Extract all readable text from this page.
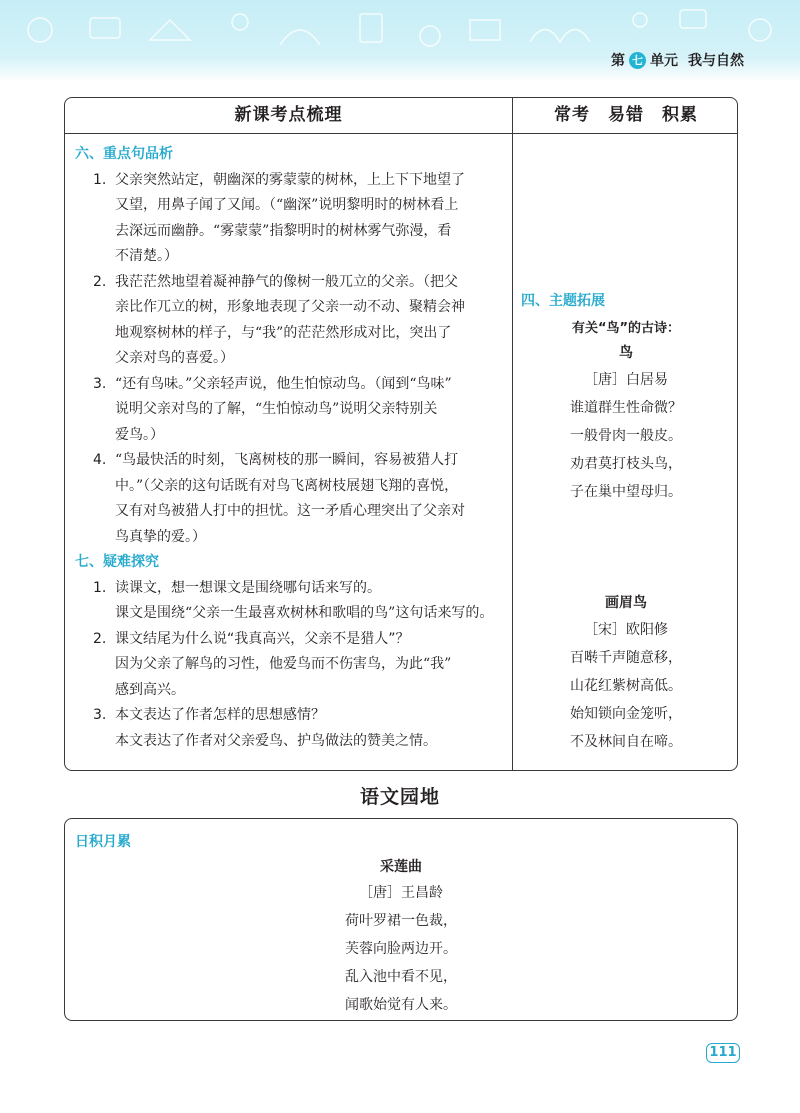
第 七 单元 我与自然
新课考点梳理	常考　易错　积累
六、重点句品析
1. 父亲突然站定，朝幽深的雾蒙蒙的树林，上上下下地望了
又望，用鼻子闻了又闻。（“幽深”说明黎明时的树林看上
去深远而幽静。“雾蒙蒙”指黎明时的树林雾气弥漫，看
不清楚。）
2. 我茫茫然地望着凝神静气的像树一般兀立的父亲。（把父
亲比作兀立的树，形象地表现了父亲一动不动、聚精会神
地观察树林的样子，与“我”的茫茫然形成对比，突出了
父亲对鸟的喜爱。）
3. “还有鸟味。”父亲轻声说，他生怕惊动鸟。（闻到“鸟味”
说明父亲对鸟的了解，“生怕惊动鸟”说明父亲特别关
爱鸟。）
4. “鸟最快活的时刻，飞离树枝的那一瞬间，容易被猎人打
中。”（父亲的这句话既有对鸟飞离树枝展翅飞翔的喜悦，
又有对鸟被猎人打中的担忧。这一矛盾心理突出了父亲对
鸟真挚的爱。）
七、疑难探究
1. 读课文，想一想课文是围绕哪句话来写的。
课文是围绕“父亲一生最喜欢树林和歌唱的鸟”这句话来写的。
2. 课文结尾为什么说“我真高兴，父亲不是猎人”？
因为父亲了解鸟的习性，他爱鸟而不伤害鸟，为此“我”
感到高兴。
3. 本文表达了作者怎样的思想感情？
本文表达了作者对父亲爱鸟、护鸟做法的赞美之情。
四、主题拓展
有关“鸟”的古诗：
鸟
［唐］白居易
谁道群生性命微？
一般骨肉一般皮。
劝君莫打枝头鸟，
子在巢中望母归。
画眉鸟
［宋］欧阳修
百啭千声随意移，
山花红紫树高低。
始知锁向金笼听，
不及林间自在啼。
语文园地
日积月累
采莲曲
［唐］王昌龄
荷叶罗裙一色裁，
芙蓉向脸两边开。
乱入池中看不见，
闻歌始觉有人来。
111
